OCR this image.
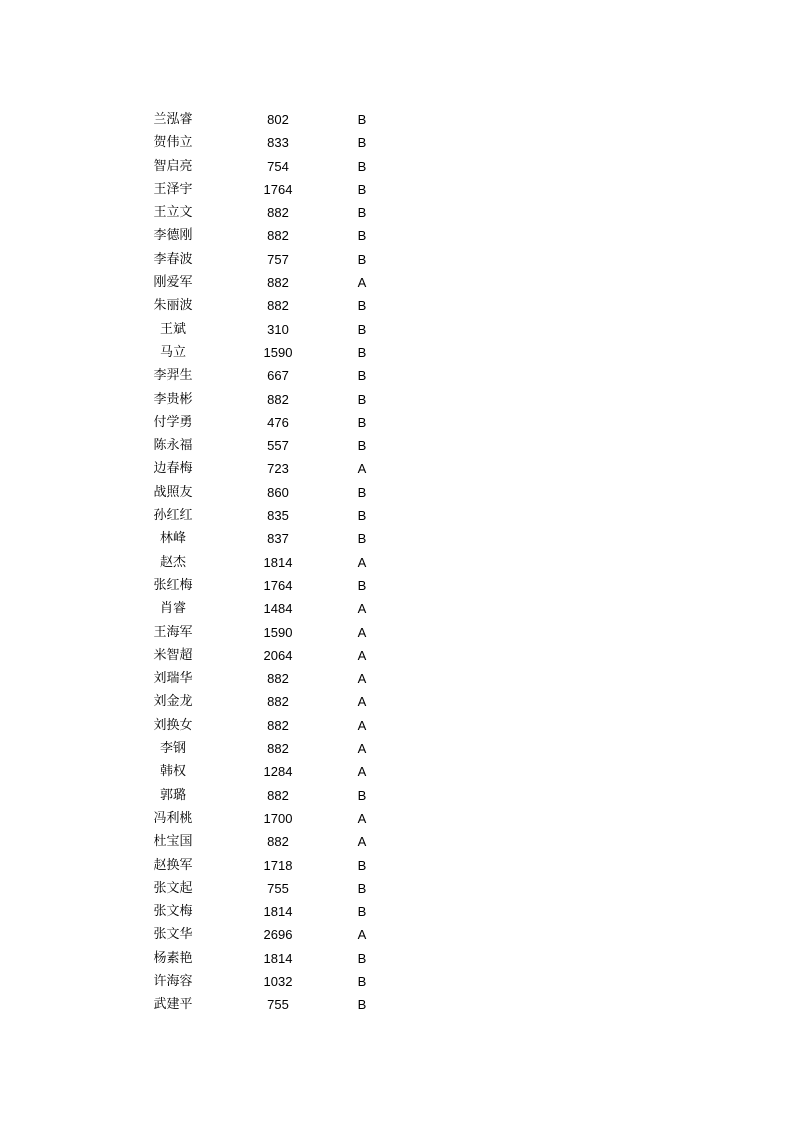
兰泓睿	802	B
贺伟立	833	B
智启亮	754	B
王泽宇	1764	B
王立文	882	B
李德刚	882	B
李春波	757	B
刚爱军	882	A
朱丽波	882	B
王斌	310	B
马立	1590	B
李羿生	667	B
李贵彬	882	B
付学勇	476	B
陈永福	557	B
边春梅	723	A
战照友	860	B
孙红红	835	B
林峰	837	B
赵杰	1814	A
张红梅	1764	B
肖睿	1484	A
王海军	1590	A
米智超	2064	A
刘瑞华	882	A
刘金龙	882	A
刘换女	882	A
李钢	882	A
韩权	1284	A
郭璐	882	B
冯利桃	1700	A
杜宝国	882	A
赵换军	1718	B
张文起	755	B
张文梅	1814	B
张文华	2696	A
杨素艳	1814	B
许海容	1032	B
武建平	755	B
